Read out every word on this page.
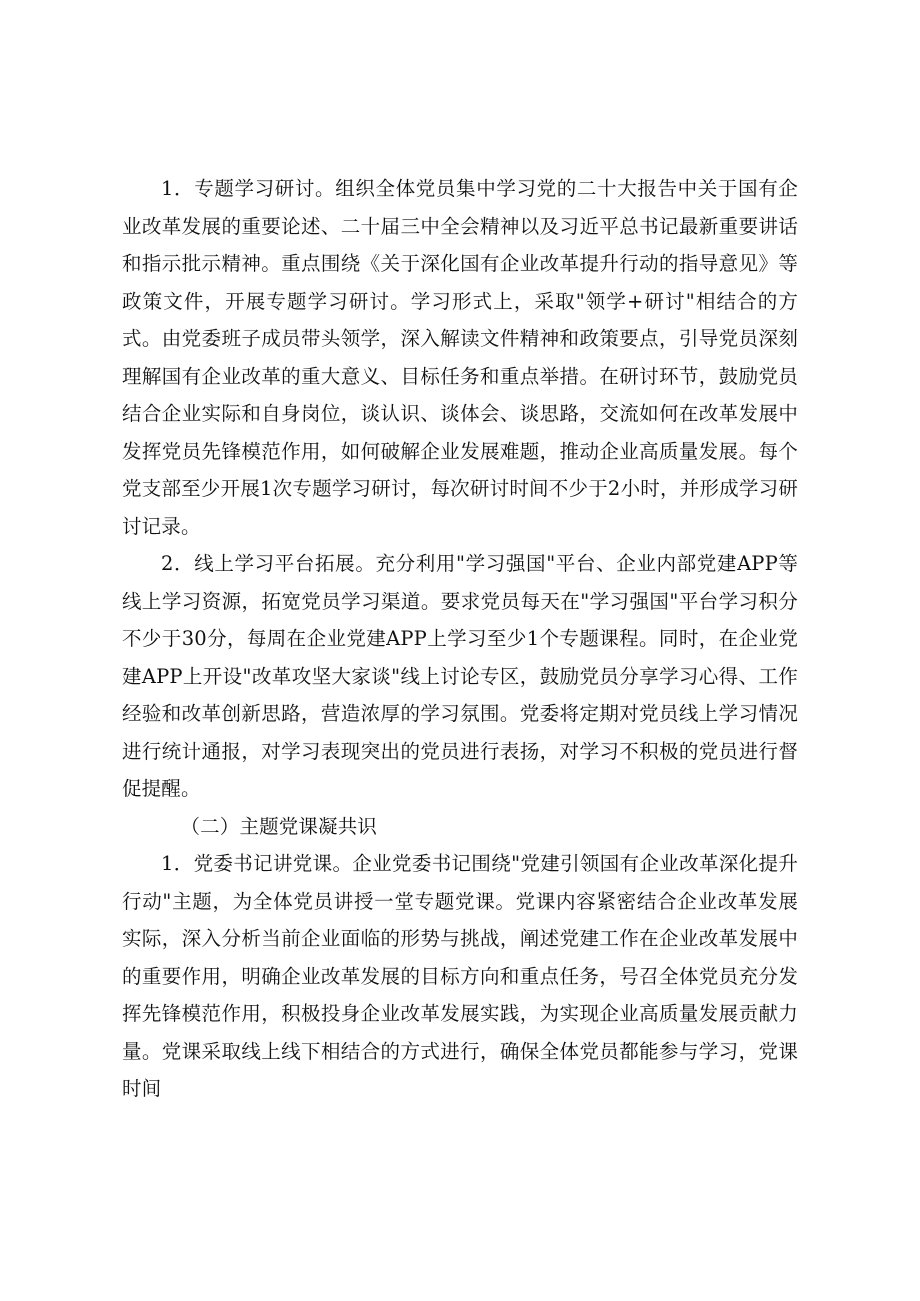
1．专题学习研讨。组织全体党员集中学习党的二十大报告中关于国有企业改革发展的重要论述、二十届三中全会精神以及习近平总书记最新重要讲话和指示批示精神。重点围绕《关于深化国有企业改革提升行动的指导意见》等政策文件，开展专题学习研讨。学习形式上，采取"领学+研讨"相结合的方式。由党委班子成员带头领学，深入解读文件精神和政策要点，引导党员深刻理解国有企业改革的重大意义、目标任务和重点举措。在研讨环节，鼓励党员结合企业实际和自身岗位，谈认识、谈体会、谈思路，交流如何在改革发展中发挥党员先锋模范作用，如何破解企业发展难题，推动企业高质量发展。每个党支部至少开展1次专题学习研讨，每次研讨时间不少于2小时，并形成学习研讨记录。

2．线上学习平台拓展。充分利用"学习强国"平台、企业内部党建APP等线上学习资源，拓宽党员学习渠道。要求党员每天在"学习强国"平台学习积分不少于30分，每周在企业党建APP上学习至少1个专题课程。同时，在企业党建APP上开设"改革攻坚大家谈"线上讨论专区，鼓励党员分享学习心得、工作经验和改革创新思路，营造浓厚的学习氛围。党委将定期对党员线上学习情况进行统计通报，对学习表现突出的党员进行表扬，对学习不积极的党员进行督促提醒。

（二）主题党课凝共识

1．党委书记讲党课。企业党委书记围绕"党建引领国有企业改革深化提升行动"主题，为全体党员讲授一堂专题党课。党课内容紧密结合企业改革发展实际，深入分析当前企业面临的形势与挑战，阐述党建工作在企业改革发展中的重要作用，明确企业改革发展的目标方向和重点任务，号召全体党员充分发挥先锋模范作用，积极投身企业改革发展实践，为实现企业高质量发展贡献力量。党课采取线上线下相结合的方式进行，确保全体党员都能参与学习，党课时间
